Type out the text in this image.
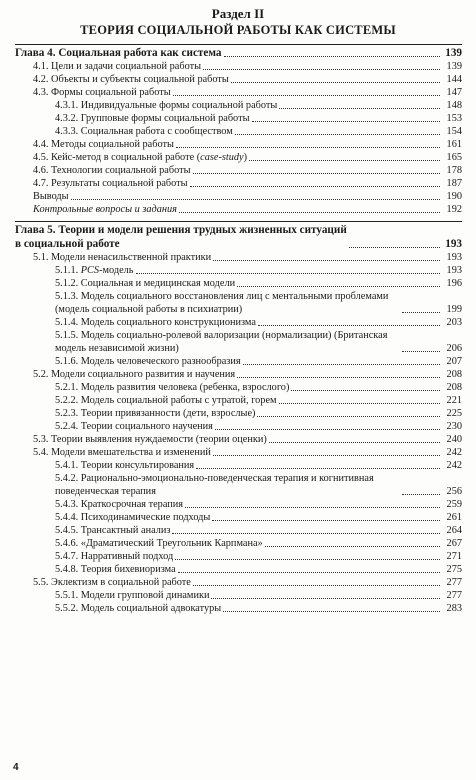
Раздел II
ТЕОРИЯ СОЦИАЛЬНОЙ РАБОТЫ КАК СИСТЕМЫ
Глава 4. Социальная работа как система	139
4.1. Цели и задачи социальной работы	139
4.2. Объекты и субъекты социальной работы	144
4.3. Формы социальной работы	147
4.3.1. Индивидуальные формы социальной работы	148
4.3.2. Групповые формы социальной работы	153
4.3.3. Социальная работа с сообществом	154
4.4. Методы социальной работы	161
4.5. Кейс-метод в социальной работе (case-study)	165
4.6. Технологии социальной работы	178
4.7. Результаты социальной работы	187
Выводы	190
Контрольные вопросы и задания	192
Глава 5. Теории и модели решения трудных жизненных ситуаций
в социальной работе	193
5.1. Модели ненасильственной практики	193
5.1.1. PCS-модель	193
5.1.2. Социальная и медицинская модели	196
5.1.3. Модель социального восстановления лиц с ментальными проблемами (модель социальной работы в психиатрии)	199
5.1.4. Модель социального конструкционизма	203
5.1.5. Модель социально-ролевой валоризации (нормализации) (Британская модель независимой жизни)	206
5.1.6. Модель человеческого разнообразия	207
5.2. Модели социального развития и научения	208
5.2.1. Модель развития человека (ребенка, взрослого)	208
5.2.2. Модель социальной работы с утратой, горем	221
5.2.3. Теории привязанности (дети, взрослые)	225
5.2.4. Теории социального научения	230
5.3. Теории выявления нуждаемости (теории оценки)	240
5.4. Модели вмешательства и изменений	242
5.4.1. Теории консультирования	242
5.4.2. Рационально-эмоционально-поведенческая терапия и когнитивная поведенческая терапия	256
5.4.3. Краткосрочная терапия	259
5.4.4. Психодинамические подходы	261
5.4.5. Трансактный анализ	264
5.4.6. «Драматический Треугольник Карпмана»	267
5.4.7. Нарративный подход	271
5.4.8. Теория бихевиоризма	275
5.5. Эклектизм в социальной работе	277
5.5.1. Модели групповой динамики	277
5.5.2. Модель социальной адвокатуры	283
4
